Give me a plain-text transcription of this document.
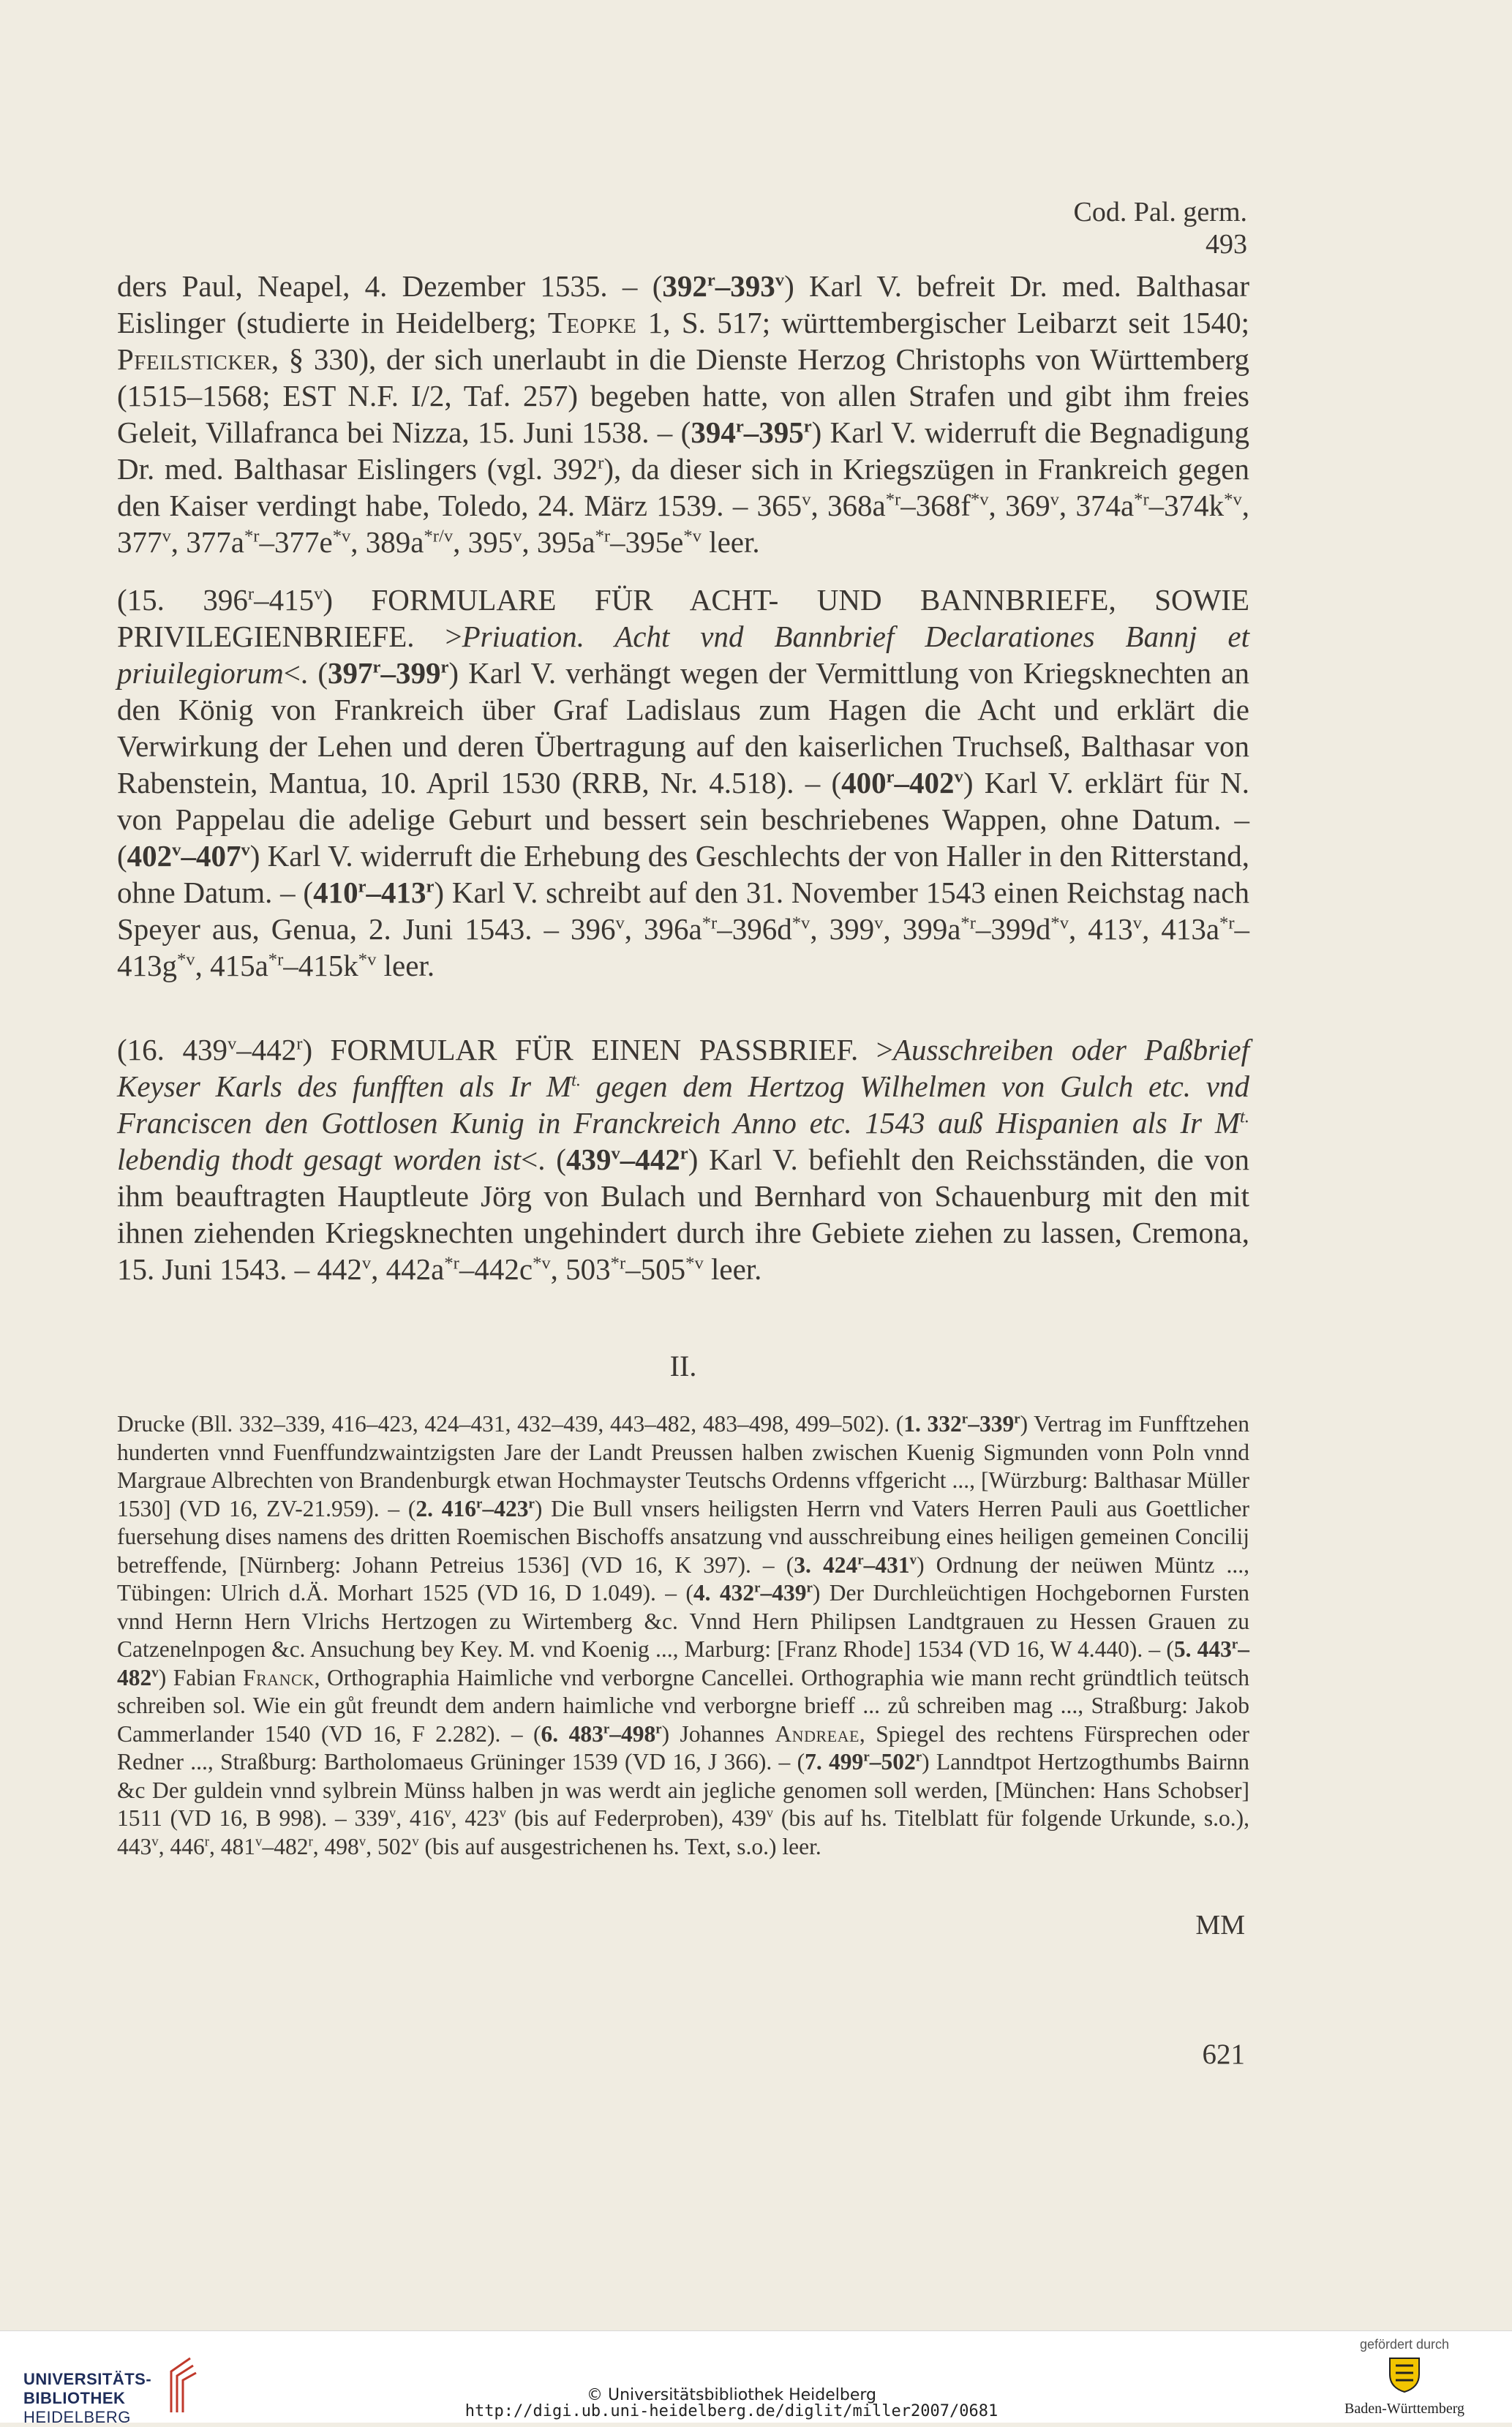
Cod. Pal. germ. 493
ders Paul, Neapel, 4. Dezember 1535. – (392$^r$–393$^v$) Karl V. befreit Dr. med. Balthasar Eislinger (studierte in Heidelberg; Teopke 1, S. 517; württembergischer Leibarzt seit 1540; Pfeilsticker, § 330), der sich unerlaubt in die Dienste Herzog Christophs von Württemberg (1515–1568; EST N.F. I/2, Taf. 257) begeben hatte, von allen Strafen und gibt ihm freies Geleit, Villafranca bei Nizza, 15. Juni 1538. – (394$^r$–395$^r$) Karl V. widerruft die Begnadigung Dr. med. Balthasar Eislingers (vgl. 392$^r$), da dieser sich in Kriegszügen in Frankreich gegen den Kaiser verdingt habe, Toledo, 24. März 1539. – 365$^v$, $368a^{*r}-368f^{*v}$, 369$^v$, $374a^{*r}-374k^{*v}$, 377$^v$, $377a^{*r}-377e^{*v}$, $389a^{*r/v}$, 395$^v$, $395a^{*r}-395e^{*v}$ leer.
(15. 396$^r$–415$^v$) FORMULARE FÜR ACHT- UND BANNBRIEFE, SOWIE PRIVILEGIENBRIEFE. >Priuation. Acht vnd Bannbrief Declarationes Bannj et priuilegiorum<. (397$^r$–399$^r$) Karl V. verhängt wegen der Vermittlung von Kriegsknechten an den König von Frankreich über Graf Ladislaus zum Hagen die Acht und erklärt die Verwirkung der Lehen und deren Übertragung auf den kaiserlichen Truchseß, Balthasar von Rabenstein, Mantua, 10. April 1530 (RRB, Nr. 4.518). – (400$^r$–402$^v$) Karl V. erklärt für N. von Pappelau die adelige Geburt und bessert sein beschriebenes Wappen, ohne Datum. – (402$^v$–407$^v$) Karl V. widerruft die Erhebung des Geschlechts der von Haller in den Ritterstand, ohne Datum. – (410$^r$–413$^r$) Karl V. schreibt auf den 31. November 1543 einen Reichstag nach Speyer aus, Genua, 2. Juni 1543. – 396$^v$, $396a^{*r}-396d^{*v}$, 399$^v$, $399a^{*r}-399d^{*v}$, 413$^v$, $413a^{*r}-413g^{*v}$, $415a^{*r}-415k^{*v}$ leer.
(16. 439$^v$–442$^r$) FORMULAR FÜR EINEN PASSBRIEF. >Ausschreiben oder Paßbrief Keyser Karls des funfften als Ir $M^{t.}$ gegen dem Hertzog Wilhelmen von Gulch etc. vnd Franciscen den Gottlosen Kunig in Franckreich Anno etc. 1543 auß Hispanien als Ir $M^{t.}$ lebendig thodt gesagt worden ist<. (439$^v$–442$^r$) Karl V. befiehlt den Reichsständen, die von ihm beauftragten Hauptleute Jörg von Bulach und Bernhard von Schauenburg mit den mit ihnen ziehenden Kriegsknechten ungehindert durch ihre Gebiete ziehen zu lassen, Cremona, 15. Juni 1543. – 442$^v$, $442a^{*r}-442c^{*v}$, 503$^{*r}$–505$^{*v}$ leer.
II.
Drucke (Bll. 332–339, 416–423, 424–431, 432–439, 443–482, 483–498, 499–502). (1. 332$^r$–339$^r$) Vertrag im Funfftzehen hunderten vnnd Fuenffundzwaintzigsten Jare der Landt Preussen halben zwischen Kuenig Sigmunden vonn Poln vnnd Margraue Albrechten von Brandenburgk etwan Hochmayster Teutschs Ordenns vffgericht ..., [Würzburg: Balthasar Müller 1530] (VD 16, ZV-21.959). – (2. 416$^r$–423$^r$) Die Bull vnsers heiligsten Herrn vnd Vaters Herren Pauli aus Goettlicher fuersehung dises namens des dritten Roemischen Bischoffs ansatzung vnd ausschreibung eines heiligen gemeinen Concilij betreffende, [Nürnberg: Johann Petreius 1536] (VD 16, K 397). – (3. 424$^r$–431$^v$) Ordnung der neüwen Müntz ..., Tübingen: Ulrich d.Ä. Morhart 1525 (VD 16, D 1.049). – (4. 432$^r$–439$^r$) Der Durchleüchtigen Hochgebornen Fursten vnnd Hernn Hern Vlrichs Hertzogen zu Wirtemberg &c. Vnnd Hern Philipsen Landtgrauen zu Hessen Grauen zu Catzenelnpogen &c. Ansuchung bey Key. M. vnd Koenig ..., Marburg: [Franz Rhode] 1534 (VD 16, W 4.440). – (5. 443$^r$–482$^v$) Fabian Franck, Orthographia Haimliche vnd verborgne Cancellei. Orthographia wie mann recht gründtlich teütsch schreiben sol. Wie ein gůt freundt dem andern haimliche vnd verborgne brieff ... zů schreiben mag ..., Straßburg: Jakob Cammerlander 1540 (VD 16, F 2.282). – (6. 483$^r$–498$^r$) Johannes Andreae, Spiegel des rechtens Fürsprechen oder Redner ..., Straßburg: Bartholomaeus Grüninger 1539 (VD 16, J 366). – (7. 499$^r$–502$^r$) Lanndtpot Hertzogthumbs Bairnn &c Der guldein vnnd sylbrein Münss halben jn was werdt ain jegliche genomen soll werden, [München: Hans Schobser] 1511 (VD 16, B 998). – 339$^v$, 416$^v$, 423$^v$ (bis auf Federproben), 439$^v$ (bis auf hs. Titelblatt für folgende Urkunde, s.o.), 443$^v$, 446$^r$, 481$^v$–482$^r$, 498$^v$, 502$^v$ (bis auf ausgestrichenen hs. Text, s.o.) leer.
MM
621
UNIVERSITÄTS-
BIBLIOTHEK
HEIDELBERG
© Universitätsbibliothek Heidelberg
http://digi.ub.uni-heidelberg.de/diglit/miller2007/0681
gefördert durch
Baden-Württemberg
